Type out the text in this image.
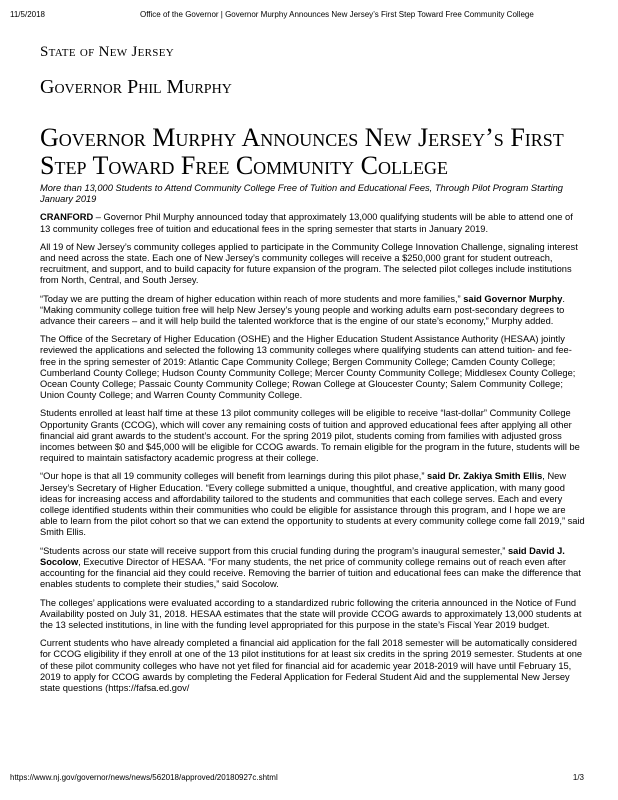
11/5/2018	Office of the Governor | Governor Murphy Announces New Jersey’s First Step Toward Free Community College
State of New Jersey
Governor Phil Murphy
Governor Murphy Announces New Jersey’s First Step Toward Free Community College

More than 13,000 Students to Attend Community College Free of Tuition and Educational Fees, Through Pilot Program Starting January 2019

CRANFORD – Governor Phil Murphy announced today that approximately 13,000 qualifying students will be able to attend one of 13 community colleges free of tuition and educational fees in the spring semester that starts in January 2019.

All 19 of New Jersey’s community colleges applied to participate in the Community College Innovation Challenge, signaling interest and need across the state. Each one of New Jersey’s community colleges will receive a $250,000 grant for student outreach, recruitment, and support, and to build capacity for future expansion of the program. The selected pilot colleges include institutions from North, Central, and South Jersey.

“Today we are putting the dream of higher education within reach of more students and more families,” said Governor Murphy. “Making community college tuition free will help New Jersey’s young people and working adults earn post-secondary degrees to advance their careers – and it will help build the talented workforce that is the engine of our state’s economy,” Murphy added.

The Office of the Secretary of Higher Education (OSHE) and the Higher Education Student Assistance Authority (HESAA) jointly reviewed the applications and selected the following 13 community colleges where qualifying students can attend tuition- and fee-free in the spring semester of 2019: Atlantic Cape Community College; Bergen Community College; Camden County College; Cumberland County College; Hudson County Community College; Mercer County Community College; Middlesex County College; Ocean County College; Passaic County Community College; Rowan College at Gloucester County; Salem Community College; Union County College; and Warren County Community College.

Students enrolled at least half time at these 13 pilot community colleges will be eligible to receive “last-dollar” Community College Opportunity Grants (CCOG), which will cover any remaining costs of tuition and approved educational fees after applying all other financial aid grant awards to the student’s account. For the spring 2019 pilot, students coming from families with adjusted gross incomes between $0 and $45,000 will be eligible for CCOG awards. To remain eligible for the program in the future, students will be required to maintain satisfactory academic progress at their college.

“Our hope is that all 19 community colleges will benefit from learnings during this pilot phase,” said Dr. Zakiya Smith Ellis, New Jersey’s Secretary of Higher Education. “Every college submitted a unique, thoughtful, and creative application, with many good ideas for increasing access and affordability tailored to the students and communities that each college serves. Each and every college identified students within their communities who could be eligible for assistance through this program, and I hope we are able to learn from the pilot cohort so that we can extend the opportunity to students at every community college come fall 2019,” said Smith Ellis.

“Students across our state will receive support from this crucial funding during the program’s inaugural semester,” said David J. Socolow, Executive Director of HESAA. “For many students, the net price of community college remains out of reach even after accounting for the financial aid they could receive. Removing the barrier of tuition and educational fees can make the difference that enables students to complete their studies,” said Socolow.

The colleges’ applications were evaluated according to a standardized rubric following the criteria announced in the Notice of Fund Availability posted on July 31, 2018. HESAA estimates that the state will provide CCOG awards to approximately 13,000 students at the 13 selected institutions, in line with the funding level appropriated for this purpose in the state’s Fiscal Year 2019 budget.

Current students who have already completed a financial aid application for the fall 2018 semester will be automatically considered for CCOG eligibility if they enroll at one of the 13 pilot institutions for at least six credits in the spring 2019 semester. Students at one of these pilot community colleges who have not yet filed for financial aid for academic year 2018-2019 will have until February 15, 2019 to apply for CCOG awards by completing the Federal Application for Federal Student Aid and the supplemental New Jersey state questions (https://fafsa.ed.gov/

https://www.nj.gov/governor/news/news/562018/approved/20180927c.shtml	1/3
